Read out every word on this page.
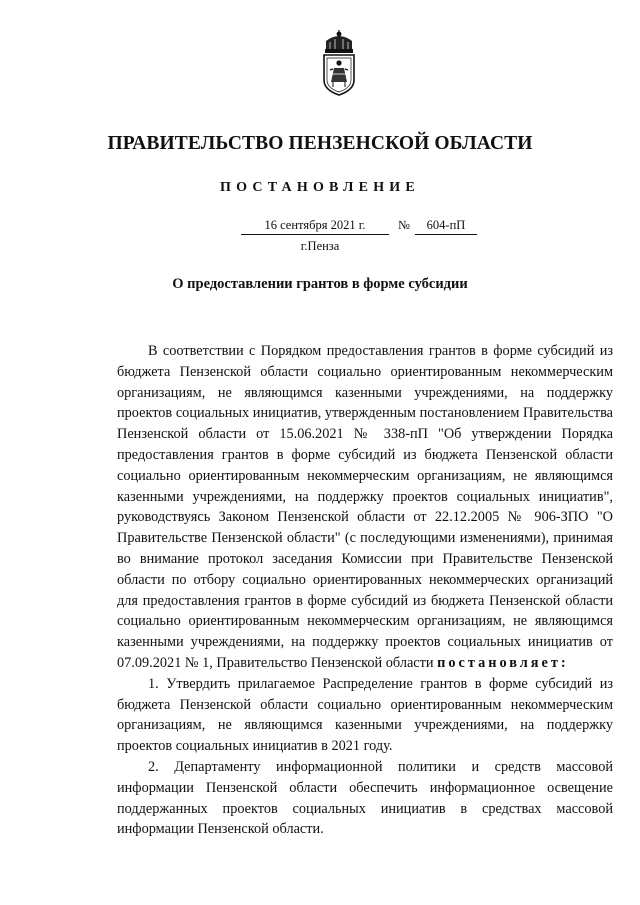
ПРАВИТЕЛЬСТВО ПЕНЗЕНСКОЙ ОБЛАСТИ
ПОСТАНОВЛЕНИЕ
16 сентября 2021 г.	№	604-пП
г.Пенза
О предоставлении грантов в форме субсидии

В соответствии с Порядком предоставления грантов в форме субсидий из бюджета Пензенской области социально ориентированным некоммерческим организациям, не являющимся казенными учреждениями, на поддержку проектов социальных инициатив, утвержденным постановлением Правительства Пензенской области от 15.06.2021 № 338-пП "Об утверждении Порядка предоставления грантов в форме субсидий из бюджета Пензенской области социально ориентированным некоммерческим организациям, не являющимся казенными учреждениями, на поддержку проектов социальных инициатив", руководствуясь Законом Пензенской области от 22.12.2005 № 906-ЗПО "О Правительстве Пензенской области" (с последующими изменениями), принимая во внимание протокол заседания Комиссии при Правительстве Пензенской области по отбору социально ориентированных некоммерческих организаций для предоставления грантов в форме субсидий из бюджета Пензенской области социально ориентированным некоммерческим организациям, не являющимся казенными учреждениями, на поддержку проектов социальных инициатив от 07.09.2021 № 1, Правительство Пензенской области постановляет:

1. Утвердить прилагаемое Распределение грантов в форме субсидий из бюджета Пензенской области социально ориентированным некоммерческим организациям, не являющимся казенными учреждениями, на поддержку проектов социальных инициатив в 2021 году.

2. Департаменту информационной политики и средств массовой информации Пензенской области обеспечить информационное освещение поддержанных проектов социальных инициатив в средствах массовой информации Пензенской области.
